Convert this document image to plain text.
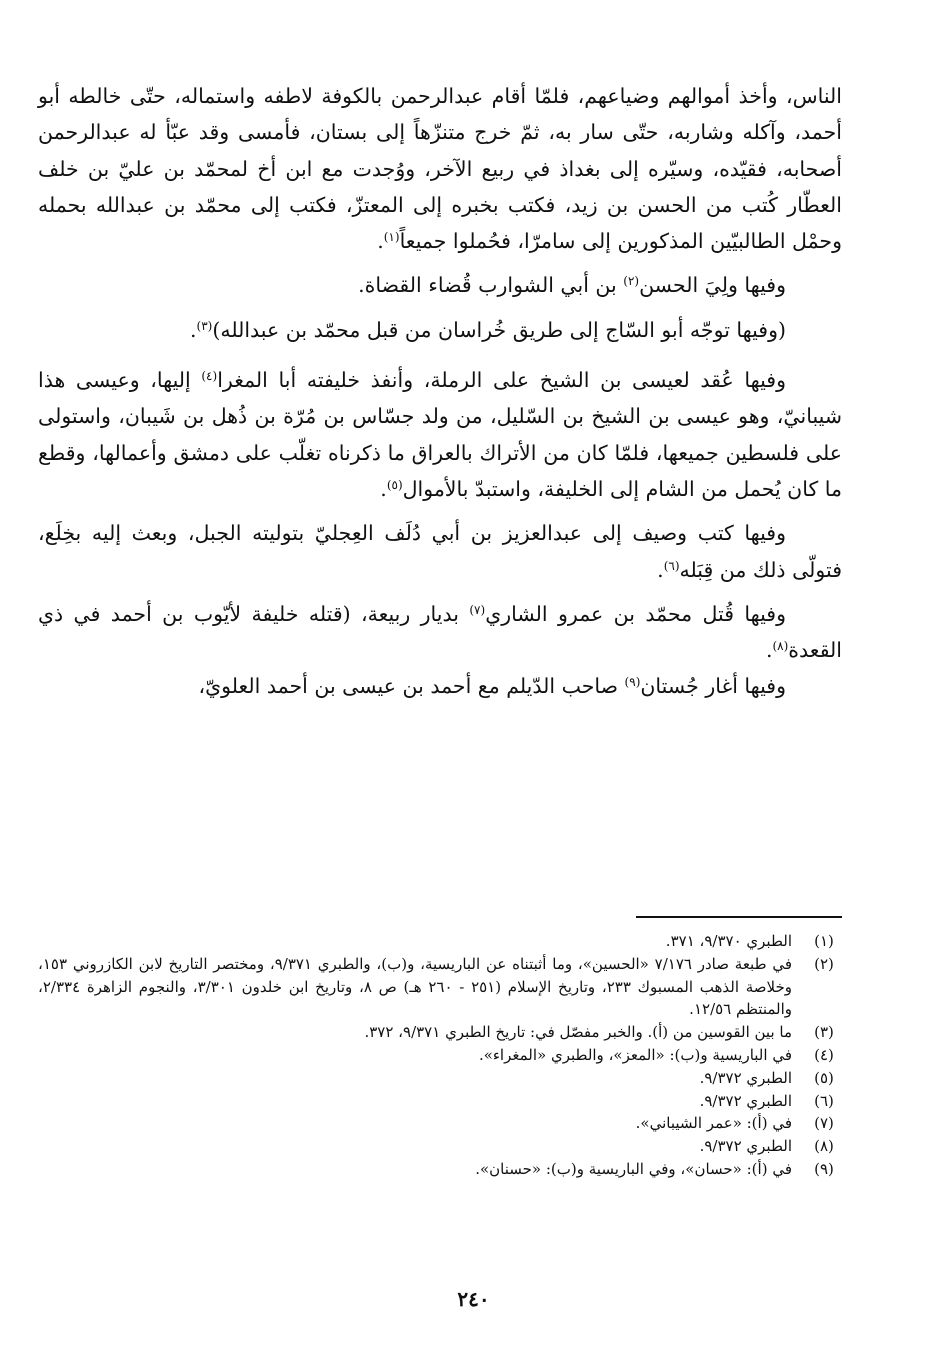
الناس، وأخذ أموالهم وضياعهم، فلمّا أقام عبدالرحمن بالكوفة لاطفه واستماله، حتّى خالطه أبو أحمد، وآكله وشاربه، حتّى سار به، ثمّ خرج متنزّهاً إلى بستان، فأمسى وقد عبّأ له عبدالرحمن أصحابه، فقيّده، وسيّره إلى بغداذ في ربيع الآخر، ووُجدت مع ابن أخ لمحمّد بن عليّ بن خلف العطّار كُتب من الحسن بن زيد، فكتب بخبره إلى المعتزّ، فكتب إلى محمّد بن عبدالله بحمله وحمْل الطالبيّين المذكورين إلى سامرّا، فحُملوا جميعاً$^{(١)}$.

وفيها ولِيَ الحسن$^{(٢)}$ بن أبي الشوارب قُضاء القضاة.

(وفيها توجّه أبو السّاج إلى طريق خُراسان من قبل محمّد بن عبدالله)$^{(٣)}$.

وفيها عُقد لعيسى بن الشيخ على الرملة، وأنفذ خليفته أبا المغرا$^{(٤)}$ إليها، وعيسى هذا شيبانيّ، وهو عيسى بن الشيخ بن السّليل، من ولد جسّاس بن مُرّة بن ذُهل بن شَيبان، واستولى على فلسطين جميعها، فلمّا كان من الأتراك بالعراق ما ذكرناه تغلّب على دمشق وأعمالها، وقطع ما كان يُحمل من الشام إلى الخليفة، واستبدّ بالأموال$^{(٥)}$.

وفيها كتب وصيف إلى عبدالعزيز بن أبي دُلَف العِجليّ بتوليته الجبل، وبعث إليه بخِلَع، فتولّى ذلك من قِبَله$^{(٦)}$.

وفيها قُتل محمّد بن عمرو الشاري$^{(٧)}$ بديار ربيعة، (قتله خليفة لأيّوب بن أحمد في ذي القعدة$^{(٨)}$.

وفيها أغار جُستان$^{(٩)}$ صاحب الدّيلم مع أحمد بن عيسى بن أحمد العلويّ،

(١)
الطبري ٩/٣٧٠، ٣٧١.

(٢)
في طبعة صادر ٧/١٧٦ «الحسين»، وما أثبتناه عن الباريسية، و(ب)، والطبري ٩/٣٧١، ومختصر التاريخ لابن الكازروني ١٥٣، وخلاصة الذهب المسبوك ٢٣٣، وتاريخ الإسلام (٢٥١ - ٢٦٠ هـ) ص ٨، وتاريخ ابن خلدون ٣/٣٠١، والنجوم الزاهرة ٢/٣٣٤، والمنتظم ١٢/٥٦.

(٣)
ما بين القوسين من (أ). والخبر مفصّل في: تاريخ الطبري ٩/٣٧١، ٣٧٢.

(٤)
في الباريسية و(ب): «المعز»، والطبري «المغراء».

(٥)
الطبري ٩/٣٧٢.

(٦)
الطبري ٩/٣٧٢.

(٧)
في (أ): «عمر الشيباني».

(٨)
الطبري ٩/٣٧٢.

(٩)
في (أ): «حسان»، وفي الباريسية و(ب): «حسنان».

٢٤٠
